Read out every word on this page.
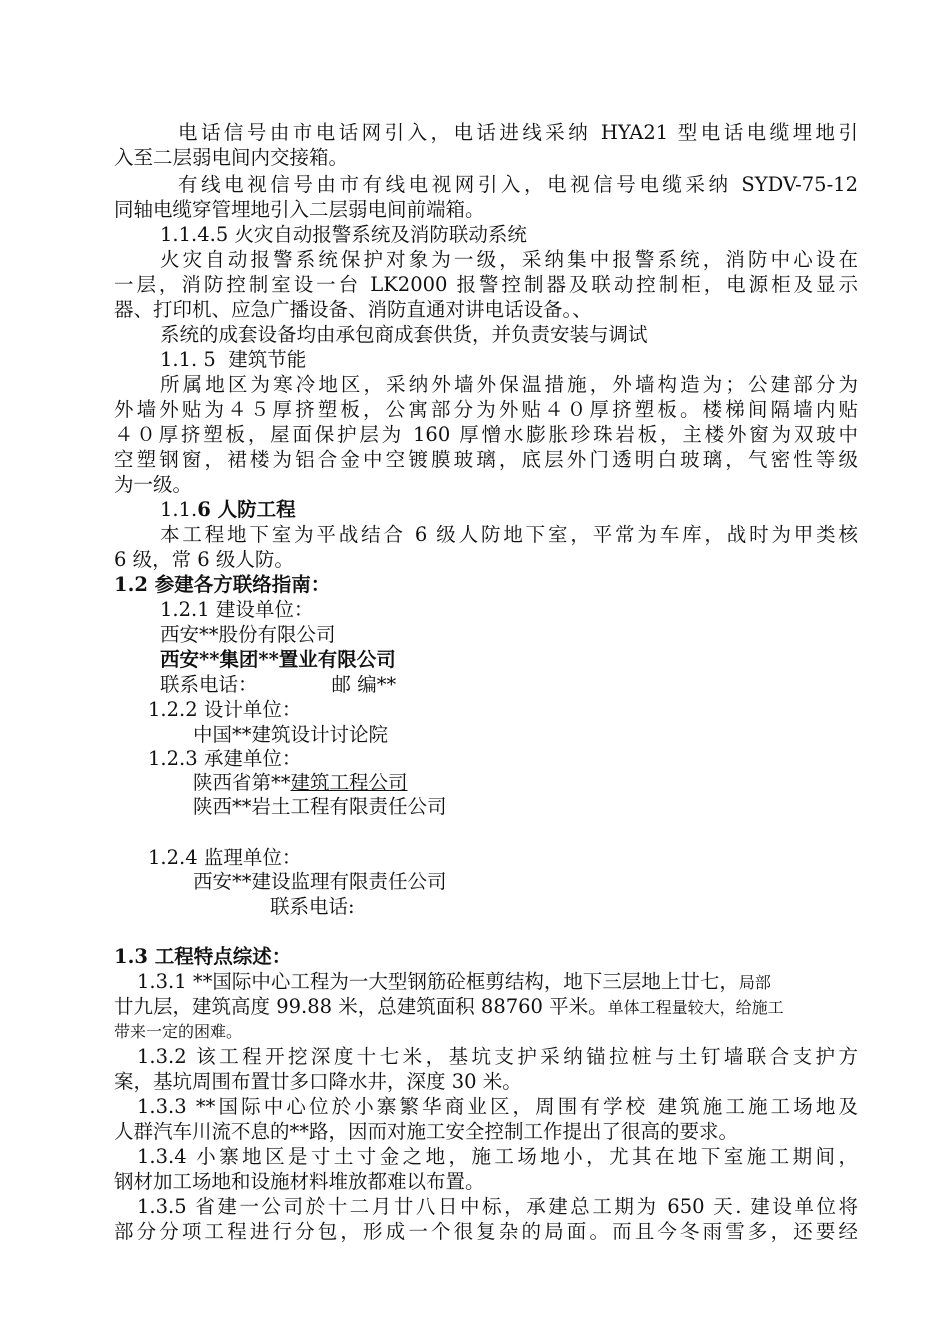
电话信号由市电话网引入，电话进线采纳 HYA21 型电话电缆埋地引
入至二层弱电间内交接箱。
有线电视信号由市有线电视网引入，电视信号电缆采纳 SYDV-75-12
同轴电缆穿管埋地引入二层弱电间前端箱。
1.1.4.5 火灾自动报警系统及消防联动系统
火灾自动报警系统保护对象为一级，采纳集中报警系统，消防中心设在
一层，消防控制室设一台 LK2000 报警控制器及联动控制柜，电源柜及显示
器、打印机、应急广播设备、消防直通对讲电话设备。、
系统的成套设备均由承包商成套供货，并负责安装与调试
1.1. 5 建筑节能
所属地区为寒冷地区，采纳外墙外保温措施，外墙构造为；公建部分为
外墙外贴为４５厚挤塑板，公寓部分为外贴４０厚挤塑板。楼梯间隔墙内贴
４０厚挤塑板，屋面保护层为 160 厚憎水膨胀珍珠岩板，主楼外窗为双玻中
空塑钢窗，裙楼为铝合金中空镀膜玻璃，底层外门透明白玻璃，气密性等级
为一级。
1.1.6 人防工程
本工程地下室为平战结合 6 级人防地下室，平常为车库，战时为甲类核
6 级，常 6 级人防。
1.2 参建各方联络指南：
1.2.1 建设单位：
西安**股份有限公司
西安**集团**置业有限公司
联系电话：	邮 编**
1.2.2 设计单位：
中国**建筑设计讨论院
1.2.3 承建单位：
陕西省第**建筑工程公司
陕西**岩土工程有限责任公司
1.2.4 监理单位：
西安**建设监理有限责任公司
联系电话:
1.3 工程特点综述：
1.3.1 **国际中心工程为一大型钢筋砼框剪结构，地下三层地上廿七，局部
廿九层，建筑高度 99.88 米，总建筑面积 88760 平米。单体工程量较大，给施工
带来一定的困难。
1.3.2 该工程开挖深度十七米，基坑支护采纳锚拉桩与土钉墙联合支护方
案，基坑周围布置廿多口降水井，深度 30 米。
1.3.3 **国际中心位於小寨繁华商业区，周围有学校 建筑施工施工场地及
人群汽车川流不息的**路，因而对施工安全控制工作提出了很高的要求。
1.3.4 小寨地区是寸土寸金之地，施工场地小，尤其在地下室施工期间，
钢材加工场地和设施材料堆放都难以布置。
1.3.5 省建一公司於十二月廿八日中标，承建总工期为 650 天. 建设单位将
部分分项工程进行分包，形成一个很复杂的局面。而且今冬雨雪多，还要经
